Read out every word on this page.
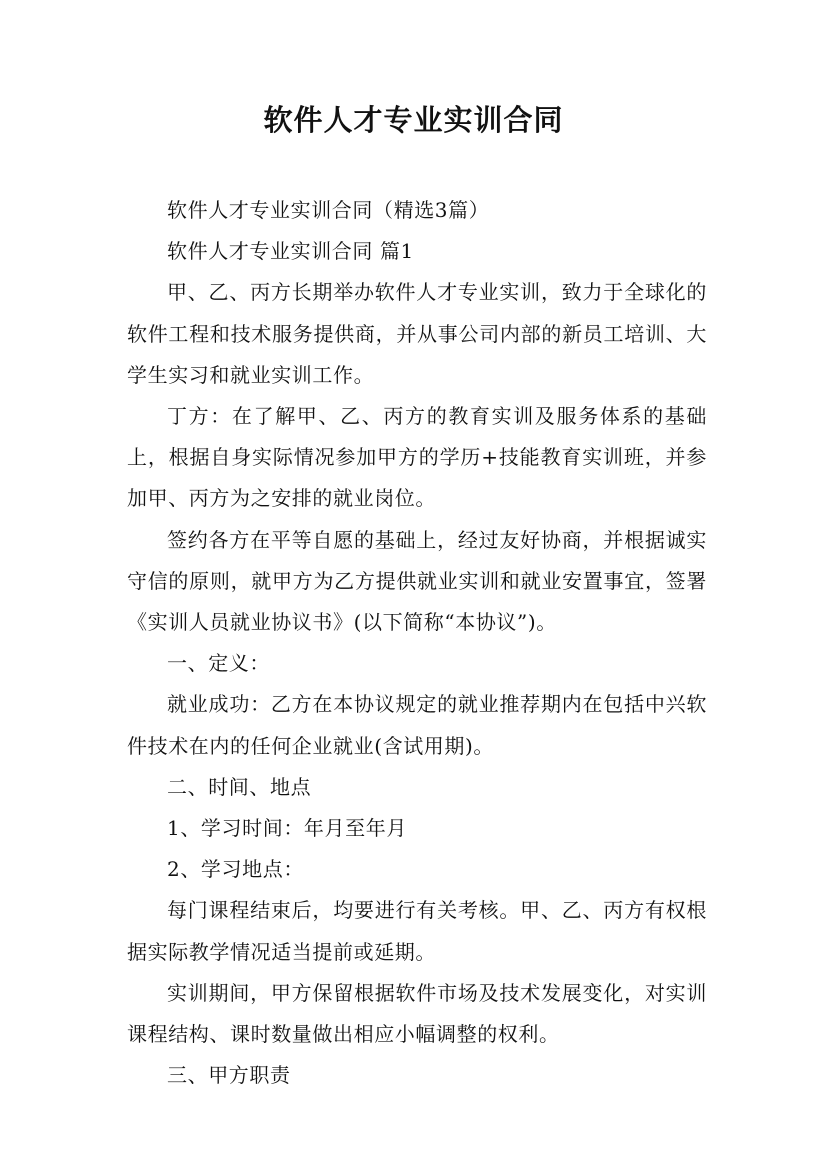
软件人才专业实训合同

软件人才专业实训合同（精选3篇）

软件人才专业实训合同 篇1

甲、乙、丙方长期举办软件人才专业实训，致力于全球化的软件工程和技术服务提供商，并从事公司内部的新员工培训、大学生实习和就业实训工作。

丁方：在了解甲、乙、丙方的教育实训及服务体系的基础上，根据自身实际情况参加甲方的学历+技能教育实训班，并参加甲、丙方为之安排的就业岗位。

签约各方在平等自愿的基础上，经过友好协商，并根据诚实守信的原则，就甲方为乙方提供就业实训和就业安置事宜，签署《实训人员就业协议书》(以下简称“本协议”)。

一、定义：

就业成功：乙方在本协议规定的就业推荐期内在包括中兴软件技术在内的任何企业就业(含试用期)。

二、时间、地点

1、学习时间：年月至年月

2、学习地点：

每门课程结束后，均要进行有关考核。甲、乙、丙方有权根据实际教学情况适当提前或延期。

实训期间，甲方保留根据软件市场及技术发展变化，对实训课程结构、课时数量做出相应小幅调整的权利。

三、甲方职责
